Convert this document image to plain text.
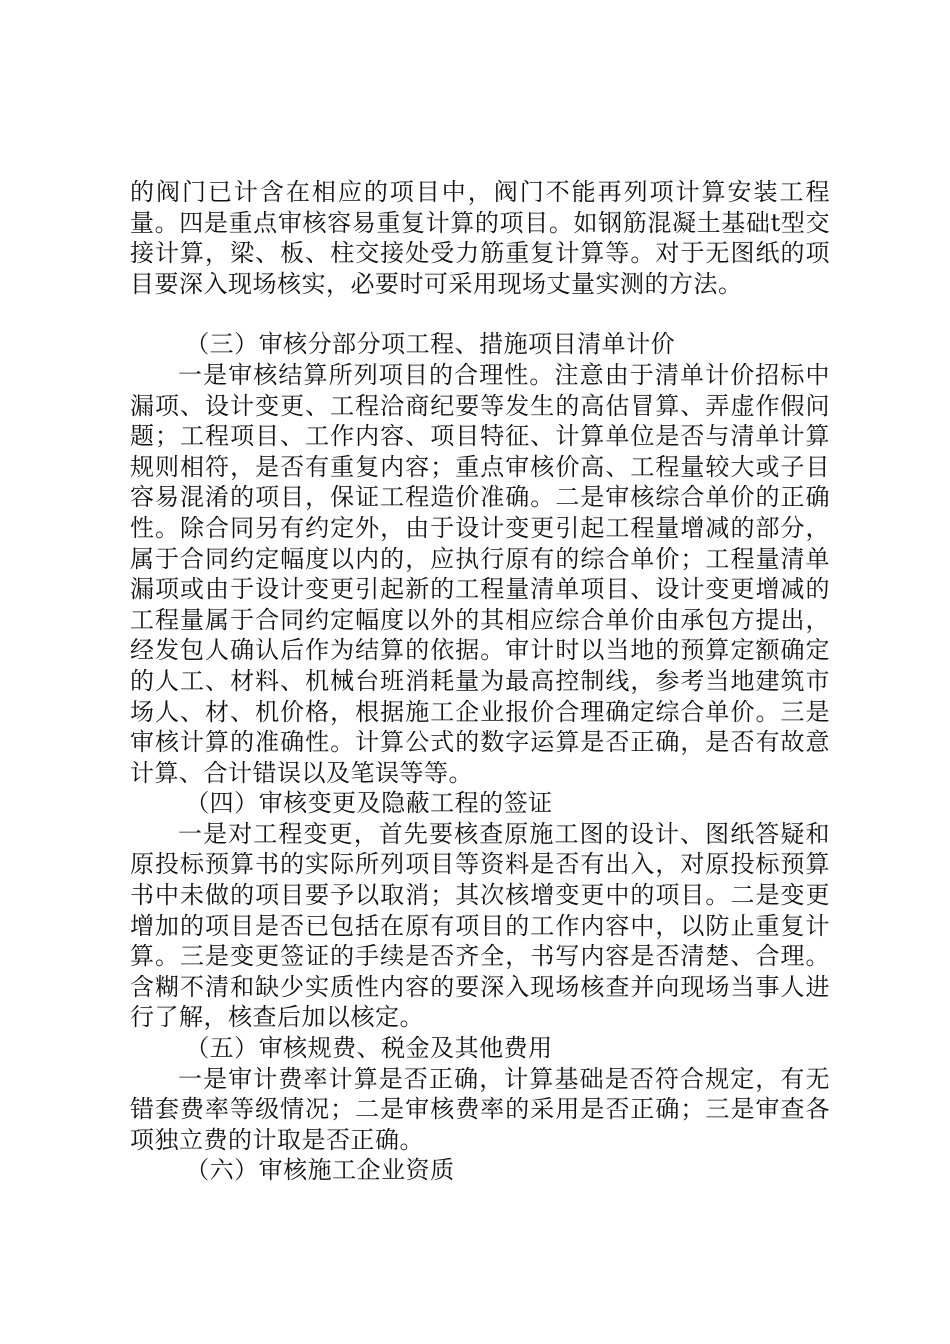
的阀门已计含在相应的项目中，阀门不能再列项计算安装工程量。四是重点审核容易重复计算的项目。如钢筋混凝土基础t型交接计算，梁、板、柱交接处受力筋重复计算等。对于无图纸的项目要深入现场核实，必要时可采用现场丈量实测的方法。

（三）审核分部分项工程、措施项目清单计价

一是审核结算所列项目的合理性。注意由于清单计价招标中漏项、设计变更、工程洽商纪要等发生的高估冒算、弄虚作假问题；工程项目、工作内容、项目特征、计算单位是否与清单计算规则相符，是否有重复内容；重点审核价高、工程量较大或子目容易混淆的项目，保证工程造价准确。二是审核综合单价的正确性。除合同另有约定外，由于设计变更引起工程量增减的部分，属于合同约定幅度以内的，应执行原有的综合单价；工程量清单漏项或由于设计变更引起新的工程量清单项目、设计变更增减的工程量属于合同约定幅度以外的其相应综合单价由承包方提出，经发包人确认后作为结算的依据。审计时以当地的预算定额确定的人工、材料、机械台班消耗量为最高控制线，参考当地建筑市场人、材、机价格，根据施工企业报价合理确定综合单价。三是审核计算的准确性。计算公式的数字运算是否正确，是否有故意计算、合计错误以及笔误等等。

（四）审核变更及隐蔽工程的签证

一是对工程变更，首先要核查原施工图的设计、图纸答疑和原投标预算书的实际所列项目等资料是否有出入，对原投标预算书中未做的项目要予以取消；其次核增变更中的项目。二是变更增加的项目是否已包括在原有项目的工作内容中，以防止重复计算。三是变更签证的手续是否齐全，书写内容是否清楚、合理。含糊不清和缺少实质性内容的要深入现场核查并向现场当事人进行了解，核查后加以核定。

（五）审核规费、税金及其他费用

一是审计费率计算是否正确，计算基础是否符合规定，有无错套费率等级情况；二是审核费率的采用是否正确；三是审查各项独立费的计取是否正确。

（六）审核施工企业资质
